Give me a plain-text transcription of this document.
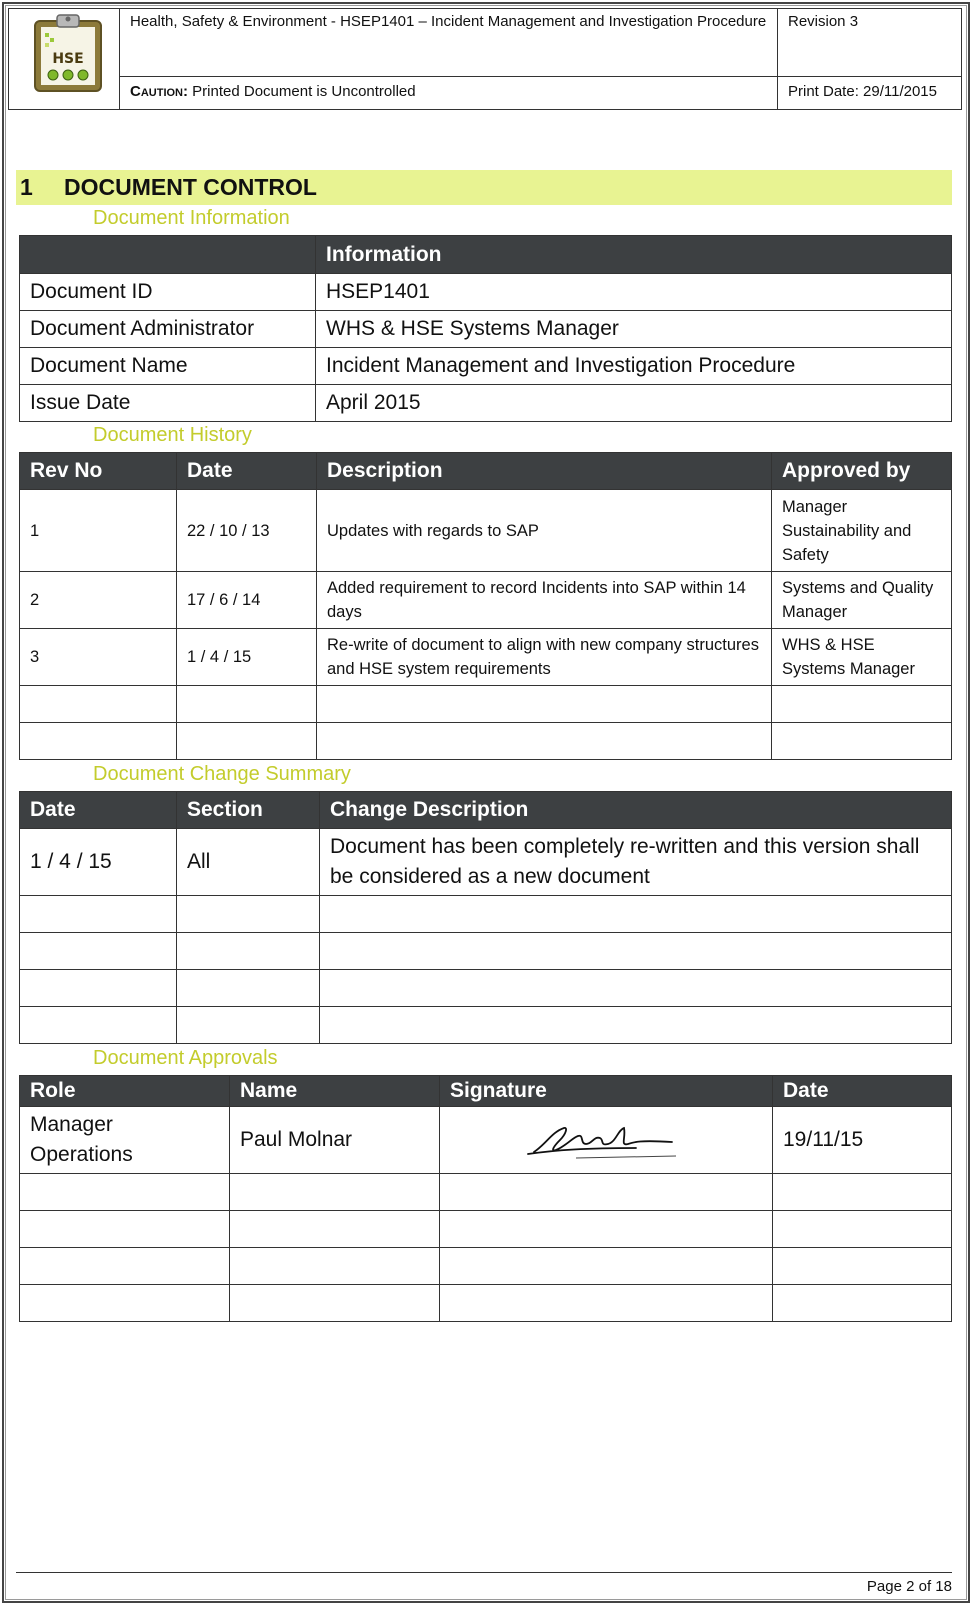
HSE
Health, Safety & Environment - HSEP1401 – Incident Management and Investigation Procedure	Revision 3
Caution: Printed Document is Uncontrolled	Print Date: 29/11/2015
1 DOCUMENT CONTROL
Document Information
	Information
Document ID	HSEP1401
Document Administrator	WHS & HSE Systems Manager
Document Name	Incident Management and Investigation Procedure
Issue Date	April 2015
Document History
Rev No	Date	Description	Approved by
1	22 / 10 / 13	Updates with regards to SAP	Manager Sustainability and Safety
2	17 / 6 / 14	Added requirement to record Incidents into SAP within 14 days	Systems and Quality Manager
3	1 / 4 / 15	Re-write of document to align with new company structures and HSE system requirements	WHS & HSE Systems Manager

Document Change Summary
Date	Section	Change Description
1 / 4 / 15	All	Document has been completely re-written and this version shall be considered as a new document

Document Approvals
Role	Name	Signature	Date
Manager Operations	Paul Molnar		19/11/15

Page 2 of 18
